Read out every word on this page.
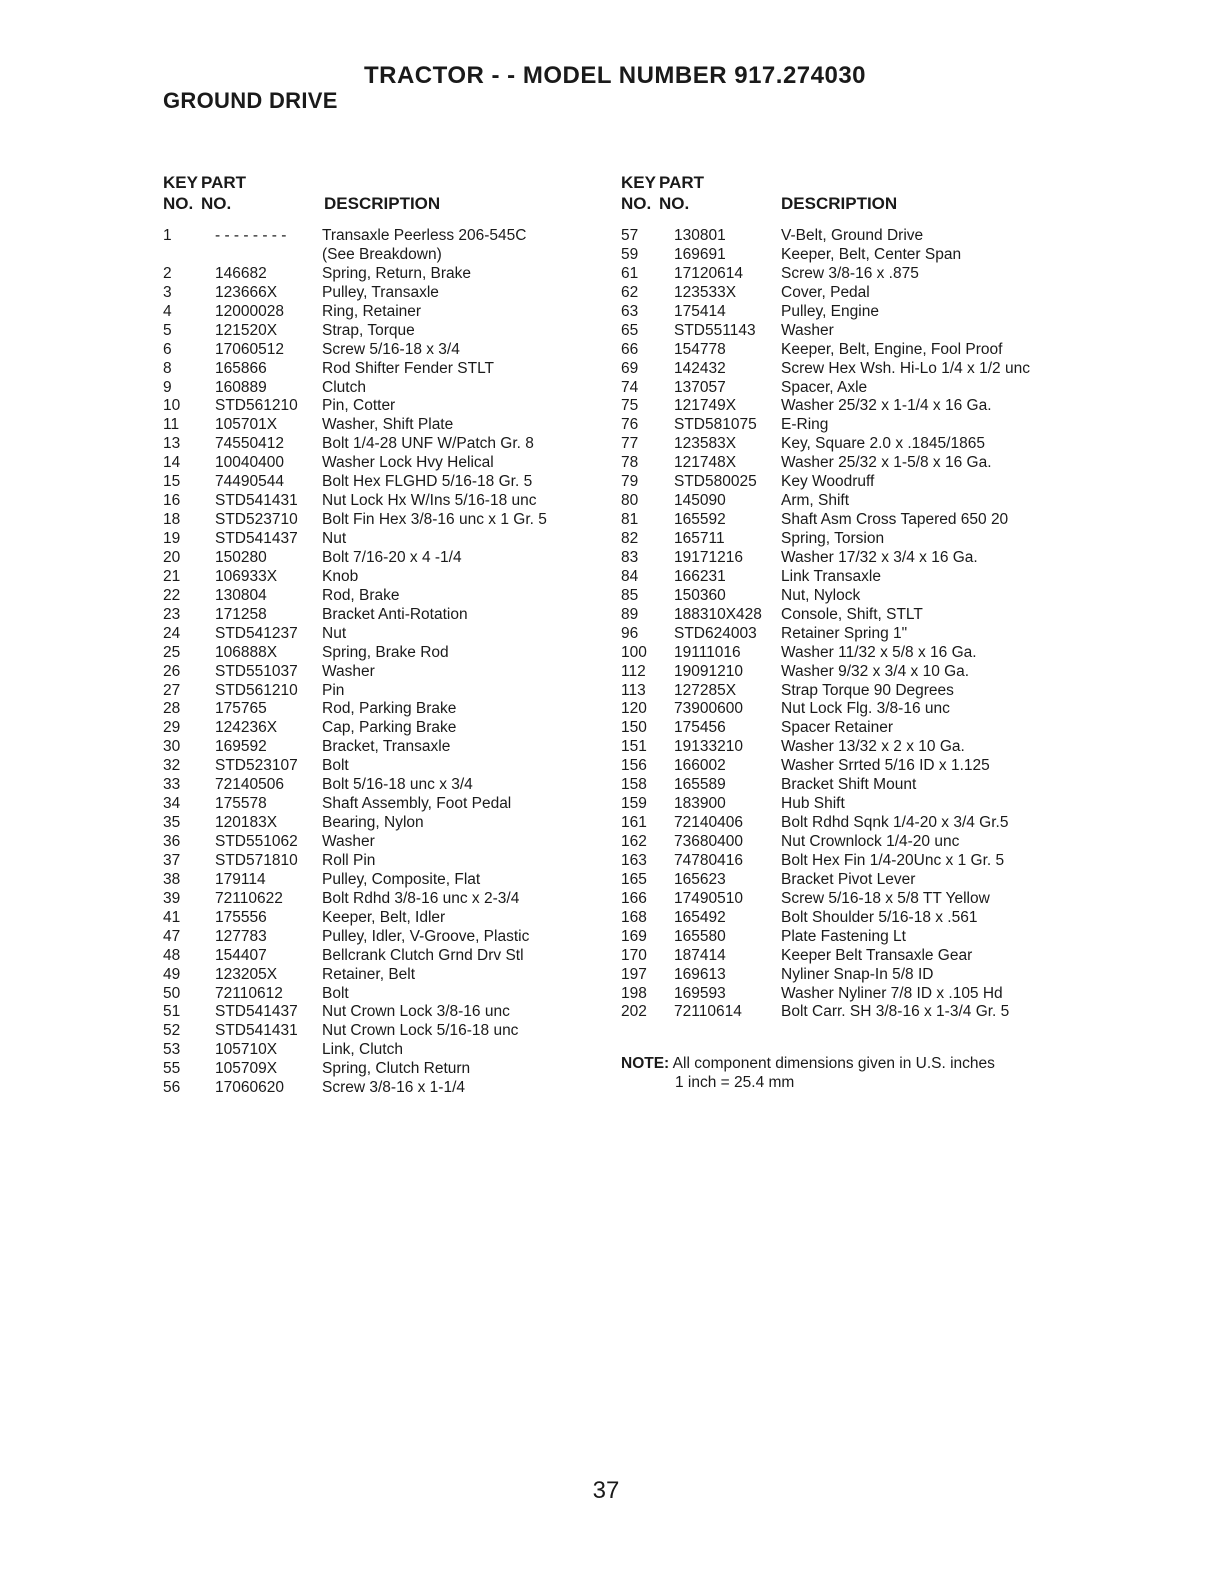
TRACTOR - - MODEL NUMBER 917.274030
GROUND DRIVE
KEY
NO.
PART
NO.	DESCRIPTION
1	- - - - - - - - Transaxle Peerless 206-545C
(See Breakdown)
2	146682	Spring, Return, Brake
3	123666X	Pulley, Transaxle
4	12000028 Ring, Retainer
5	121520X	Strap, Torque
6	17060512 Screw 5/16-18 x 3/4
8	165866	Rod Shifter Fender STLT
9	160889	Clutch
10 STD561210 Pin, Cotter
11 105701X	Washer, Shift Plate
13 74550412 Bolt 1/4-28 UNF W/Patch Gr. 8
14 10040400 Washer Lock Hvy Helical
15 74490544 Bolt Hex FLGHD 5/16-18 Gr. 5
16 STD541431 Nut Lock Hx W/Ins 5/16-18 unc
18 STD523710 Bolt Fin Hex 3/8-16 unc x 1 Gr. 5
19 STD541437 Nut
20 150280	Bolt 7/16-20 x 4 -1/4
21 106933X	Knob
22 130804	Rod, Brake
23 171258	Bracket Anti-Rotation
24 STD541237 Nut
25 106888X	Spring, Brake Rod
26 STD551037 Washer
27 STD561210 Pin
28 175765	Rod, Parking Brake
29 124236X	Cap, Parking Brake
30 169592	Bracket, Transaxle
32 STD523107 Bolt
33 72140506 Bolt 5/16-18 unc x 3/4
34 175578	Shaft Assembly, Foot Pedal
35 120183X	Bearing, Nylon
36 STD551062 Washer
37 STD571810 Roll Pin
38 179114	Pulley, Composite, Flat
39 72110622	Bolt Rdhd 3/8-16 unc x 2-3/4
41 175556	Keeper, Belt, Idler
47 127783	Pulley, Idler, V-Groove, Plastic
48 154407	Bellcrank Clutch Grnd Drv Stl
49 123205X	Retainer, Belt
50 72110612	Bolt
51 STD541437 Nut Crown Lock 3/8-16 unc
52 STD541431 Nut Crown Lock 5/16-18 unc
53 105710X	Link, Clutch
55 105709X	Spring, Clutch Return
56 17060620 Screw 3/8-16 x 1-1/4
KEY
NO.
PART
NO.	DESCRIPTION
57 130801	V-Belt, Ground Drive
59 169691	Keeper, Belt, Center Span
61 17120614 Screw 3/8-16 x .875
62 123533X	Cover, Pedal
63 175414	Pulley, Engine
65 STD551143 Washer
66 154778	Keeper, Belt, Engine, Fool Proof
69 142432	Screw Hex Wsh. Hi-Lo 1/4 x 1/2 unc
74 137057	Spacer, Axle
75 121749X	Washer 25/32 x 1-1/4 x 16 Ga.
76 STD581075 E-Ring
77 123583X	Key, Square 2.0 x .1845/1865
78 121748X	Washer 25/32 x 1-5/8 x 16 Ga.
79 STD580025 Key Woodruff
80 145090	Arm, Shift
81 165592	Shaft Asm Cross Tapered 650 20
82 165711	Spring, Torsion
83 19171216 Washer 17/32 x 3/4 x 16 Ga.
84 166231	Link Transaxle
85 150360	Nut, Nylock
89 188310X428 Console, Shift, STLT
96 STD624003 Retainer Spring 1"
100 19111016	Washer 11/32 x 5/8 x 16 Ga.
112 19091210 Washer 9/32 x 3/4 x 10 Ga.
113 127285X	Strap Torque 90 Degrees
120 73900600 Nut Lock Flg. 3/8-16 unc
150 175456	Spacer Retainer
151 19133210 Washer 13/32 x 2 x 10 Ga.
156 166002	Washer Srrted 5/16 ID x 1.125
158 165589	Bracket Shift Mount
159 183900	Hub Shift
161 72140406 Bolt Rdhd Sqnk 1/4-20 x 3/4 Gr.5
162 73680400 Nut Crownlock 1/4-20 unc
163 74780416 Bolt Hex Fin 1/4-20Unc x 1 Gr. 5
165 165623	Bracket Pivot Lever
166 17490510 Screw 5/16-18 x 5/8 TT Yellow
168 165492	Bolt Shoulder 5/16-18 x .561
169 165580	Plate Fastening Lt
170 187414	Keeper Belt Transaxle Gear
197 169613	Nyliner Snap-In 5/8 ID
198 169593	Washer Nyliner 7/8 ID x .105 Hd
202 72110614	Bolt Carr. SH 3/8-16 x 1-3/4 Gr. 5
NOTE: All component dimensions given in U.S. inches
1 inch = 25.4 mm
37
